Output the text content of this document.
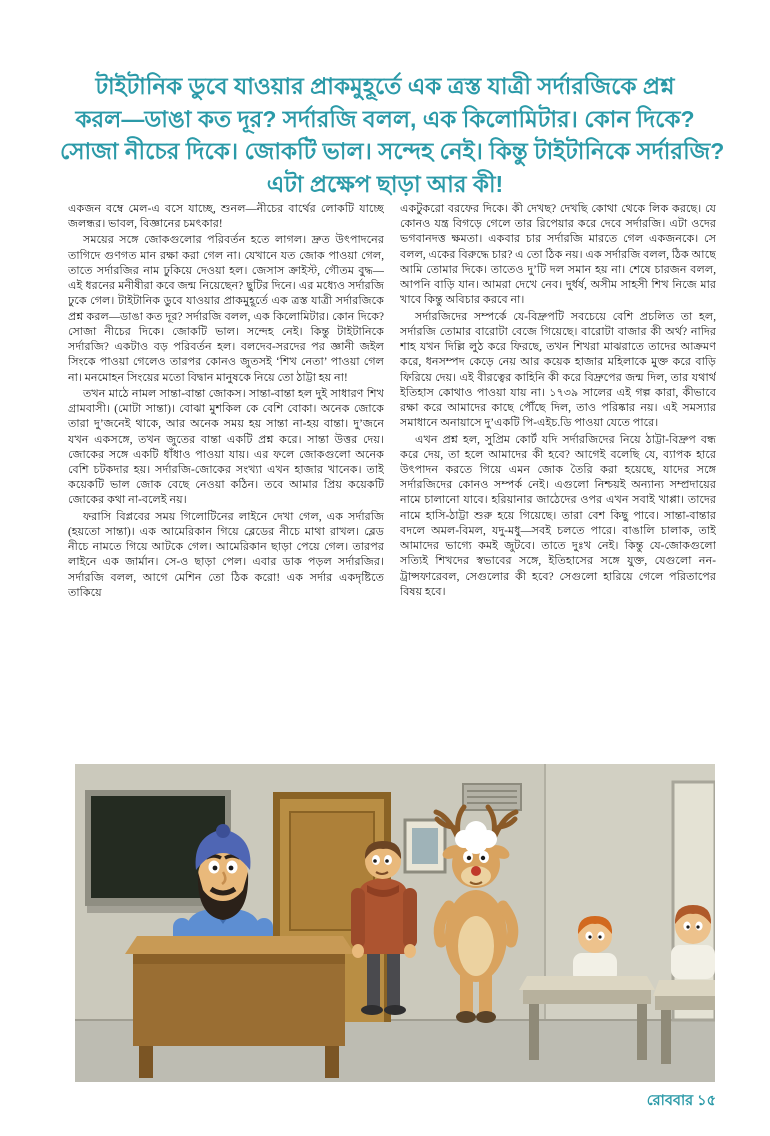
টাইটানিক ডুবে যাওয়ার প্রাকমুহূর্তে এক ত্রস্ত যাত্রী সর্দারজিকে প্রশ্ন
করল—ডাঙা কত দূর? সর্দারজি বলল, এক কিলোমিটার। কোন দিকে?
সোজা নীচের দিকে। জোকটি ভাল। সন্দেহ নেই। কিন্তু টাইটানিকে সর্দারজি?
এটা প্রক্ষেপ ছাড়া আর কী!

একজন বম্বে মেল-এ বসে যাচ্ছে, শুনল—নীচের বার্থের লোকটি যাচ্ছে জলন্ধর। ভাবল, বিজ্ঞানের চমৎকার!

সময়ের সঙ্গে জোকগুলোর পরিবর্তন হতে লাগল। দ্রুত উৎপাদনের তাগিদে গুণগত মান রক্ষা করা গেল না। যেখানে যত জোক পাওয়া গেল, তাতে সর্দারজির নাম ঢুকিয়ে দেওয়া হল। জেসাস ক্রাইস্ট, গৌতম বুদ্ধ—এই ধরনের মনীষীরা কবে জন্ম নিয়েছেন? ছুটির দিনে। এর মধ্যেও সর্দারজি ঢুকে গেল। টাইটানিক ডুবে যাওয়ার প্রাকমুহূর্তে এক ত্রস্ত যাত্রী সর্দারজিকে প্রশ্ন করল—ডাঙা কত দূর? সর্দারজি বলল, এক কিলোমিটার। কোন দিকে? সোজা নীচের দিকে। জোকটি ভাল। সন্দেহ নেই। কিন্তু টাইটানিকে সর্দারজি? একটাও বড় পরিবর্তন হল। বলদেব-সরদের পর জ্ঞানী জইল সিংকে পাওয়া গেলেও তারপর কোনও জুতসই ‘শিখ নেতা’ পাওয়া গেল না। মনমোহন সিংয়ের মতো বিদ্বান মানুষকে নিয়ে তো ঠাট্টা হয় না!

তখন মাঠে নামল সান্তা-বান্তা জোকস। সান্তা-বান্তা হল দুই সাধারণ শিখ গ্রামবাসী। (মোটা সান্তা)। বোঝা মুশকিল কে বেশি বোকা। অনেক জোকে তারা দু’জনেই থাকে, আর অনেক সময় হয় সান্তা না-হয় বান্তা। দু’জনে যখন একসঙ্গে, তখন জুতের বান্তা একটি প্রশ্ন করে। সান্তা উত্তর দেয়। জোকের সঙ্গে একটি ধাঁধাও পাওয়া যায়। এর ফলে জোকগুলো অনেক বেশি চটকদার হয়। সর্দারজি-জোকের সংখ্যা এখন হাজার খানেক। তাই কয়েকটি ভাল জোক বেছে নেওয়া কঠিন। তবে আমার প্রিয় কয়েকটি জোকের কথা না-বলেই নয়।

ফরাসি বিপ্লবের সময় গিলোটিনের লাইনে দেখা গেল, এক সর্দারজি (হয়তো সান্তা)। এক আমেরিকান গিয়ে ব্লেডের নীচে মাথা রাখল। ব্লেড নীচে নামতে গিয়ে আটকে গেল। আমেরিকান ছাড়া পেয়ে গেল। তারপর লাইনে এক জার্মান। সে-ও ছাড়া পেল। এবার ডাক পড়ল সর্দারজির। সর্দারজি বলল, আগে মেশিন তো ঠিক করো! এক সর্দার একদৃষ্টিতে তাকিয়ে

একটুকরো বরফের দিকে। কী দেখছ? দেখছি কোথা থেকে লিক করছে। যে কোনও যন্ত্র বিগড়ে গেলে তার রিপেয়ার করে দেবে সর্দারজি। এটা ওদের ভগবানদত্ত ক্ষমতা। একবার চার সর্দারজি মারতে গেল একজনকে। সে বলল, একের বিরুদ্ধে চার? এ তো ঠিক নয়। এক সর্দারজি বলল, ঠিক আছে আমি তোমার দিকে। তাতেও দু’টি দল সমান হয় না। শেষে চারজন বলল, আপনি বাড়ি যান। আমরা দেখে নেব। দুর্ধর্ষ, অসীম সাহসী শিখ নিজে মার খাবে কিন্তু অবিচার করবে না।

সর্দারজিদের সম্পর্কে যে-বিদ্রুপটি সবচেয়ে বেশি প্রচলিত তা হল, সর্দারজি তোমার বারোটা বেজে গিয়েছে। বারোটা বাজার কী অর্থ? নাদির শাহ যখন দিল্লি লুঠ করে ফিরছে, তখন শিখরা মাঝরাতে তাদের আক্রমণ করে, ধনসম্পদ কেড়ে নেয় আর কয়েক হাজার মহিলাকে মুক্ত করে বাড়ি ফিরিয়ে দেয়। এই বীরত্বের কাহিনি কী করে বিদ্রুপের জন্ম দিল, তার যথার্থ ইতিহাস কোথাও পাওয়া যায় না। ১৭৩৯ সালের এই গল্প কারা, কীভাবে রক্ষা করে আমাদের কাছে পৌঁছে দিল, তাও পরিষ্কার নয়। এই সমস্যার সমাধানে অনায়াসে দু’একটি পি-এইচ.ডি পাওয়া যেতে পারে।

এখন প্রশ্ন হল, সুপ্রিম কোর্ট যদি সর্দারজিদের নিয়ে ঠাট্টা-বিদ্রুপ বন্ধ করে দেয়, তা হলে আমাদের কী হবে? আগেই বলেছি যে, ব্যাপক হারে উৎপাদন করতে গিয়ে এমন জোক তৈরি করা হয়েছে, যাদের সঙ্গে সর্দারজিদের কোনও সম্পর্ক নেই। এগুলো নিশ্চয়ই অন্যান্য সম্প্রদায়ের নামে চালানো যাবে। হরিয়ানার জাঠেদের ওপর এখন সবাই খাপ্পা। তাদের নামে হাসি-ঠাট্টা শুরু হয়ে গিয়েছে। তারা বেশ কিছু পাবে। সান্তা-বান্তার বদলে অমল-বিমল, যদু-মধু—সবই চলতে পারে। বাঙালি চালাক, তাই আমাদের ভাগ্যে কমই জুটবে। তাতে দুঃখ নেই। কিন্তু যে-জোকগুলো সত্যিই শিখদের স্বভাবের সঙ্গে, ইতিহাসের সঙ্গে যুক্ত, যেগুলো নন-ট্রান্সফারেবল, সেগুলোর কী হবে? সেগুলো হারিয়ে গেলে পরিতাপের বিষয় হবে।

রোববার ১৫
